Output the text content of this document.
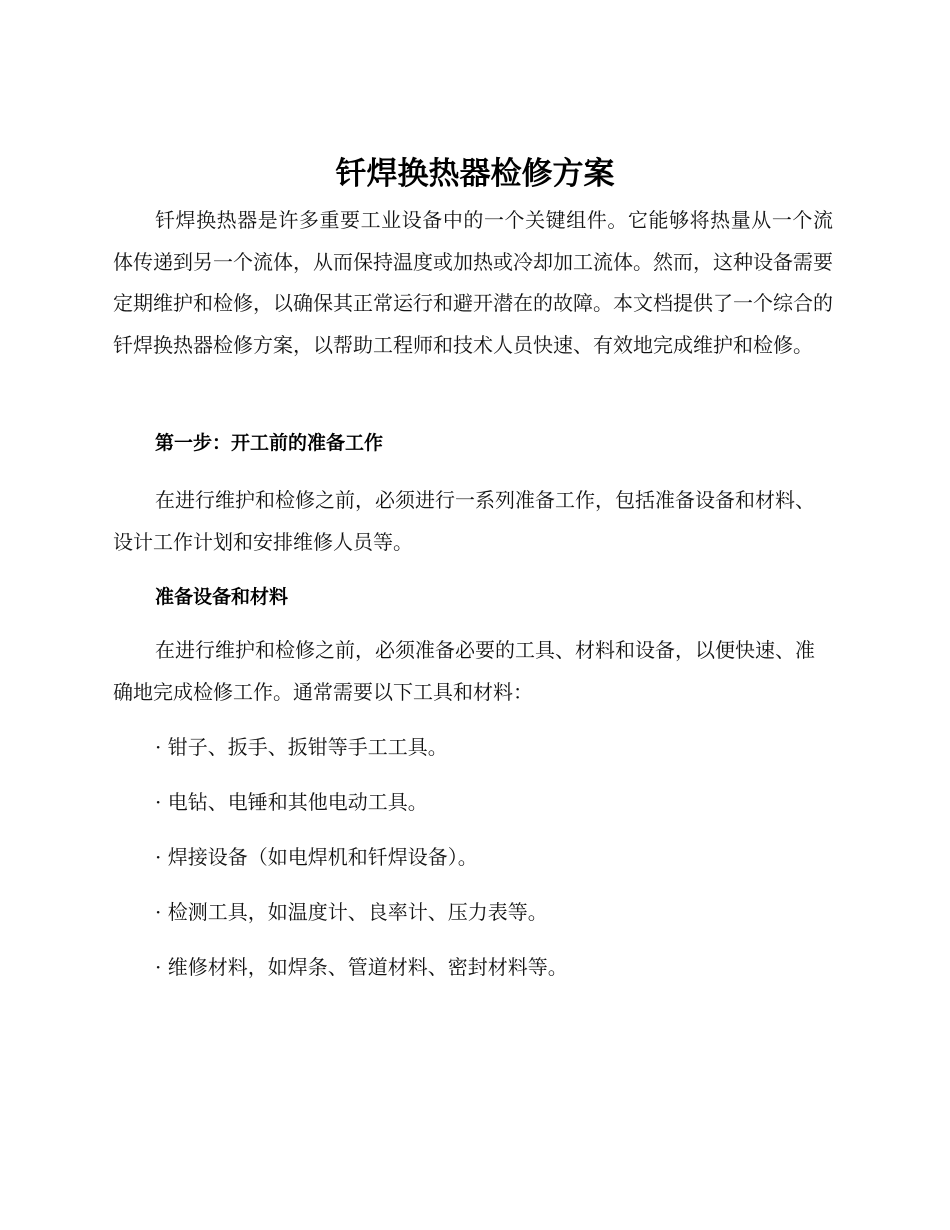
钎焊换热器检修方案

钎焊换热器是许多重要工业设备中的一个关键组件。它能够将热量从一个流体传递到另一个流体，从而保持温度或加热或冷却加工流体。然而，这种设备需要定期维护和检修，以确保其正常运行和避开潜在的故障。本文档提供了一个综合的钎焊换热器检修方案，以帮助工程师和技术人员快速、有效地完成维护和检修。

第一步：开工前的准备工作

在进行维护和检修之前，必须进行一系列准备工作，包括准备设备和材料、设计工作计划和安排维修人员等。

准备设备和材料

在进行维护和检修之前，必须准备必要的工具、材料和设备，以便快速、准确地完成检修工作。通常需要以下工具和材料：

· 钳子、扳手、扳钳等手工工具。
· 电钻、电锤和其他电动工具。
· 焊接设备（如电焊机和钎焊设备）。
· 检测工具，如温度计、良率计、压力表等。
· 维修材料，如焊条、管道材料、密封材料等。
